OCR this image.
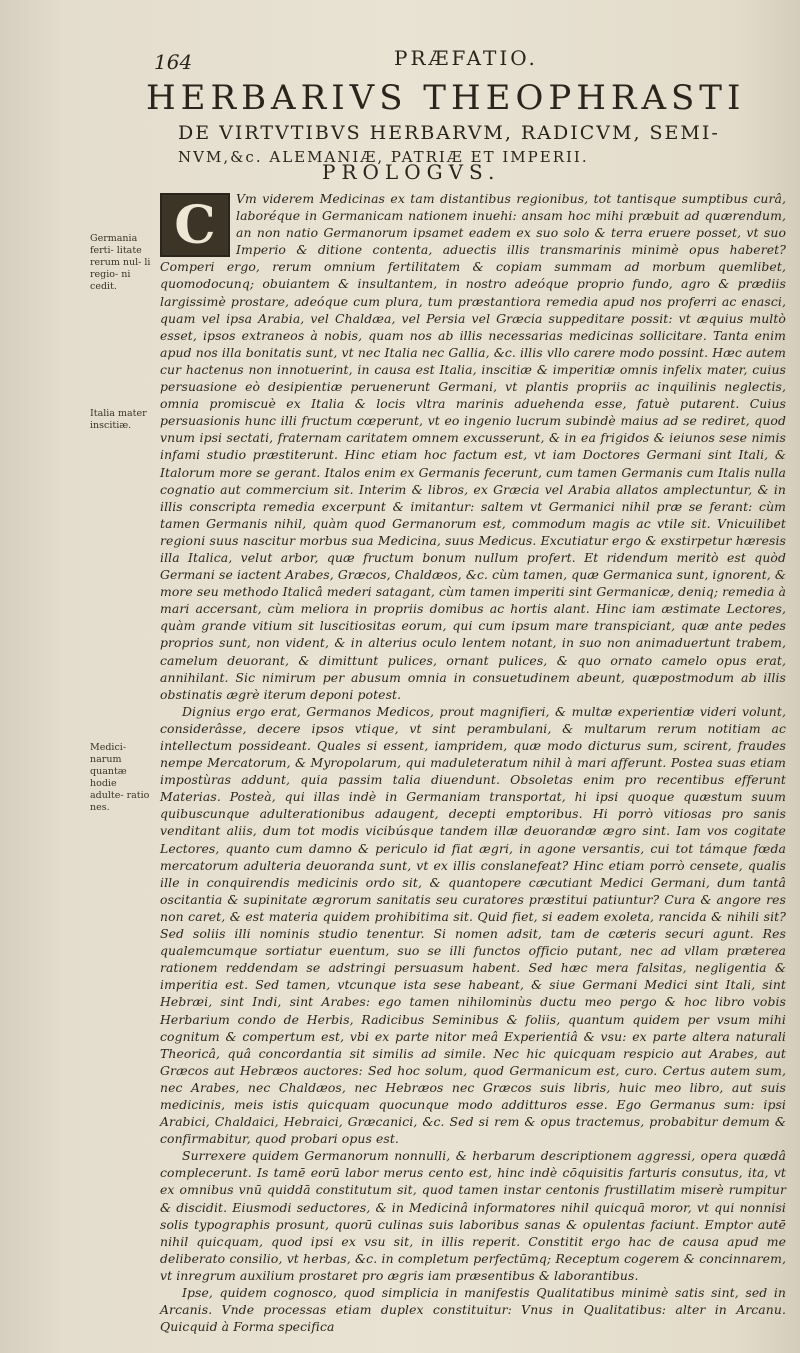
164	PRÆFATIO.
HERBARIVS THEOPHRASTI
DE VIRTVTIBVS HERBARVM, RADICVM, SEMI-
NVM,&c. ALEMANIÆ, PATRIÆ ET IMPERII.
PROLOGVS.
C
Germania ferti- litate rerum nul- li regio- ni cedit.
Italia mater inscitiæ.
Medici- narum quantæ hodie adulte- ratio nes.

Vm viderem Medicinas ex tam distantibus regionibus, tot tantisque sumptibus curâ, laboréque in Germanicam nationem inuehi: ansam hoc mihi præbuit ad quærendum, an non natio Germanorum ipsamet eadem ex suo solo & terra eruere posset, vt suo Imperio & ditione contenta, aduectis illis transmarinis minimè opus haberet? Comperi ergo, rerum omnium fertilitatem & copiam summam ad morbum quemlibet, quomodocunq; obuiantem & insultantem, in nostro adeóque proprio fundo, agro & prædiis largissimè prostare, adeóque cum plura, tum præstantiora remedia apud nos proferri ac enasci, quam vel ipsa Arabia, vel Chaldæa, vel Persia vel Græcia suppeditare possit: vt æquius multò esset, ipsos extraneos à nobis, quam nos ab illis necessarias medicinas sollicitare. Tanta enim apud nos illa bonitatis sunt, vt nec Italia nec Gallia, &c. illis vllo carere modo possint. Hæc autem cur hactenus non innotuerint, in causa est Italia, inscitiæ & imperitiæ omnis infelix mater, cuius persuasione eò desipientiæ peruenerunt Germani, vt plantis propriis ac inquilinis neglectis, omnia promiscuè ex Italia & locis vltra marinis aduehenda esse, fatuè putarent. Cuius persuasionis hunc illi fructum cœperunt, vt eo ingenio lucrum subindè maius ad se rediret, quod vnum ipsi sectati, fraternam caritatem omnem excusserunt, & in ea frigidos & ieiunos sese nimis infami studio præstiterunt. Hinc etiam hoc factum est, vt iam Doctores Germani sint Itali, & Italorum more se gerant. Italos enim ex Germanis fecerunt, cum tamen Germanis cum Italis nulla cognatio aut commercium sit. Interim & libros, ex Græcia vel Arabia allatos amplectuntur, & in illis conscripta remedia excerpunt & imitantur: saltem vt Germanici nihil præ se ferant: cùm tamen Germanis nihil, quàm quod Germanorum est, commodum magis ac vtile sit. Vnicuilibet regioni suus nascitur morbus sua Medicina, suus Medicus. Excutiatur ergo & exstirpetur hæresis illa Italica, velut arbor, quæ fructum bonum nullum profert. Et ridendum meritò est quòd Germani se iactent Arabes, Græcos, Chaldæos, &c. cùm tamen, quæ Germanica sunt, ignorent, & more seu methodo Italicâ mederi satagant, cùm tamen imperiti sint Germanicæ, deniq; remedia à mari accersant, cùm meliora in propriis domibus ac hortis alant. Hinc iam æstimate Lectores, quàm grande vitium sit luscitiositas eorum, qui cum ipsum mare transpiciant, quæ ante pedes proprios sunt, non vident, & in alterius oculo lentem notant, in suo non animaduertunt trabem, camelum deuorant, & dimittunt pulices, ornant pulices, & quo ornato camelo opus erat, annihilant. Sic nimirum per abusum omnia in consuetudinem abeunt, quæpostmodum ab illis obstinatis ægrè iterum deponi potest.

Dignius ergo erat, Germanos Medicos, prout magnifieri, & multæ experientiæ videri volunt, considerâsse, decere ipsos vtique, vt sint perambulani, & multarum rerum notitiam ac intellectum possideant. Quales si essent, iampridem, quæ modo dicturus sum, scirent, fraudes nempe Mercatorum, & Myropolarum, qui maduleteratum nihil à mari afferunt. Postea suas etiam impostùras addunt, quia passim talia diuendunt. Obsoletas enim pro recentibus efferunt Materias. Posteà, qui illas indè in Germaniam transportat, hi ipsi quoque quæstum suum quibuscunque adulterationibus adaugent, decepti emptoribus. Hi porrò vitiosas pro sanis venditant aliis, dum tot modis vicibúsque tandem illæ deuorandæ ægro sint. Iam vos cogitate Lectores, quanto cum damno & periculo id fiat ægri, in agone versantis, cui tot támque fœda mercatorum adulteria deuoranda sunt, vt ex illis conslanefeat? Hinc etiam porrò censete, qualis ille in conquirendis medicinis ordo sit, & quantopere cæcutiant Medici Germani, dum tantâ oscitantia & supinitate ægrorum sanitatis seu curatores præstitui patiuntur? Cura & angore res non caret, & est materia quidem prohibitima sit. Quid fiet, si eadem exoleta, rancida & nihili sit? Sed soliis illi nominis studio tenentur. Si nomen adsit, tam de cæteris securi agunt. Res qualemcumque sortiatur euentum, suo se illi functos officio putant, nec ad vllam præterea rationem reddendam se adstringi persuasum habent. Sed hæc mera falsitas, negligentia & imperitia est. Sed tamen, vtcunque ista sese habeant, & siue Germani Medici sint Itali, sint Hebræi, sint Indi, sint Arabes: ego tamen nihilominùs ductu meo pergo & hoc libro vobis Herbarium condo de Herbis, Radicibus Seminibus & foliis, quantum quidem per vsum mihi cognitum & compertum est, vbi ex parte nitor meâ Experientiâ & vsu: ex parte altera naturali Theoricâ, quâ concordantia sit similis ad simile. Nec hic quicquam respicio aut Arabes, aut Græcos aut Hebræos auctores: Sed hoc solum, quod Germanicum est, curo. Certus autem sum, nec Arabes, nec Chaldæos, nec Hebræos nec Græcos suis libris, huic meo libro, aut suis medicinis, meis istis quicquam quocunque modo additturos esse. Ego Germanus sum: ipsi Arabici, Chaldaici, Hebraici, Græcanici, &c. Sed si rem & opus tractemus, probabitur demum & confirmabitur, quod probari opus est.

Surrexere quidem Germanorum nonnulli, & herbarum descriptionem aggressi, opera quædâ complecerunt. Is tamē eorū labor merus cento est, hinc indè cōquisitis farturis consutus, ita, vt ex omnibus vnū quiddā constitutum sit, quod tamen instar centonis frustillatim miserè rumpitur & discidit. Eiusmodi seductores, & in Medicinâ informatores nihil quicquā moror, vt qui nonnisi solis typographis prosunt, quorū culinas suis laboribus sanas & opulentas faciunt. Emptor autē nihil quicquam, quod ipsi ex vsu sit, in illis reperit. Constitit ergo hac de causa apud me deliberato consilio, vt herbas, &c. in completum perfectūmq; Receptum cogerem & concinnarem, vt inregrum auxilium prostaret pro ægris iam præsentibus & laborantibus.

Ipse, quidem cognosco, quod simplicia in manifestis Qualitatibus minimè satis sint, sed in Arcanis. Vnde processas etiam duplex constituitur: Vnus in Qualitatibus: alter in Arcanu. Quicquid à Forma specifica
